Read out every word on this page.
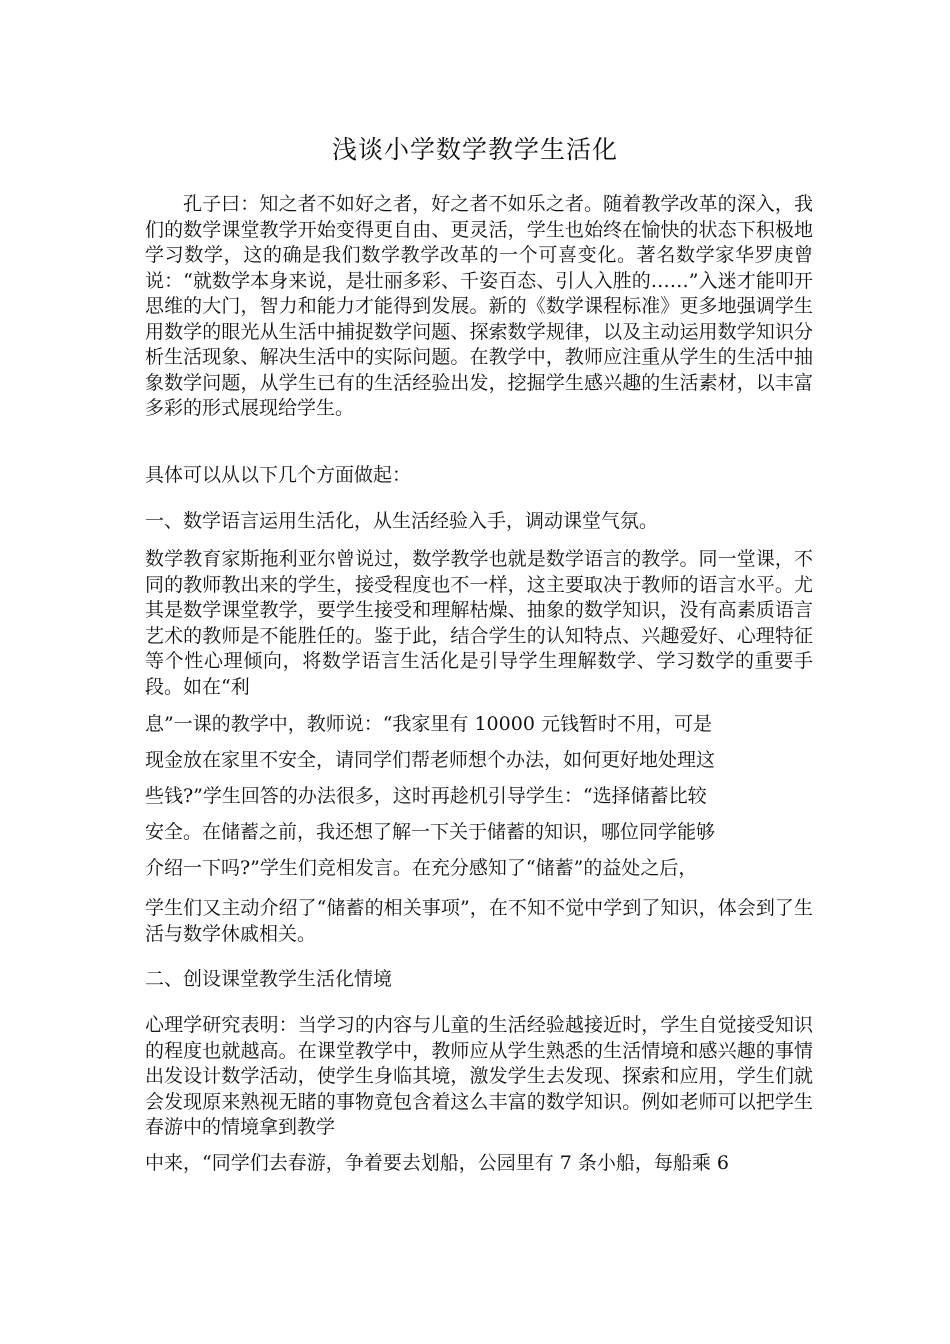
浅谈小学数学教学生活化

孔子曰：知之者不如好之者，好之者不如乐之者。随着教学改革的深入，我们的数学课堂教学开始变得更自由、更灵活，学生也始终在愉快的状态下积极地学习数学，这的确是我们数学教学改革的一个可喜变化。著名数学家华罗庚曾说：“就数学本身来说，是壮丽多彩、千姿百态、引人入胜的……”入迷才能叩开思维的大门，智力和能力才能得到发展。新的《数学课程标准》更多地强调学生用数学的眼光从生活中捕捉数学问题、探索数学规律，以及主动运用数学知识分析生活现象、解决生活中的实际问题。在教学中，教师应注重从学生的生活中抽象数学问题，从学生已有的生活经验出发，挖掘学生感兴趣的生活素材，以丰富多彩的形式展现给学生。

具体可以从以下几个方面做起：

一、数学语言运用生活化，从生活经验入手，调动课堂气氛。

数学教育家斯拖利亚尔曾说过，数学教学也就是数学语言的教学。同一堂课，不同的教师教出来的学生，接受程度也不一样，这主要取决于教师的语言水平。尤其是数学课堂教学，要学生接受和理解枯燥、抽象的数学知识，没有高素质语言艺术的教师是不能胜任的。鉴于此，结合学生的认知特点、兴趣爱好、心理特征等个性心理倾向，将数学语言生活化是引导学生理解数学、学习数学的重要手段。如在“利

息”一课的教学中，教师说：“我家里有 10000 元钱暂时不用，可是

现金放在家里不安全，请同学们帮老师想个办法，如何更好地处理这

些钱?”学生回答的办法很多，这时再趁机引导学生：“选择储蓄比较

安全。在储蓄之前，我还想了解一下关于储蓄的知识，哪位同学能够

介绍一下吗?”学生们竞相发言。在充分感知了“储蓄”的益处之后，

学生们又主动介绍了“储蓄的相关事项”，在不知不觉中学到了知识，体会到了生活与数学休戚相关。

二、创设课堂教学生活化情境

心理学研究表明：当学习的内容与儿童的生活经验越接近时，学生自觉接受知识的程度也就越高。在课堂教学中，教师应从学生熟悉的生活情境和感兴趣的事情出发设计数学活动，使学生身临其境，激发学生去发现、探索和应用，学生们就会发现原来熟视无睹的事物竟包含着这么丰富的数学知识。例如老师可以把学生春游中的情境拿到教学

中来，“同学们去春游，争着要去划船，公园里有 7 条小船，每船乘 6
